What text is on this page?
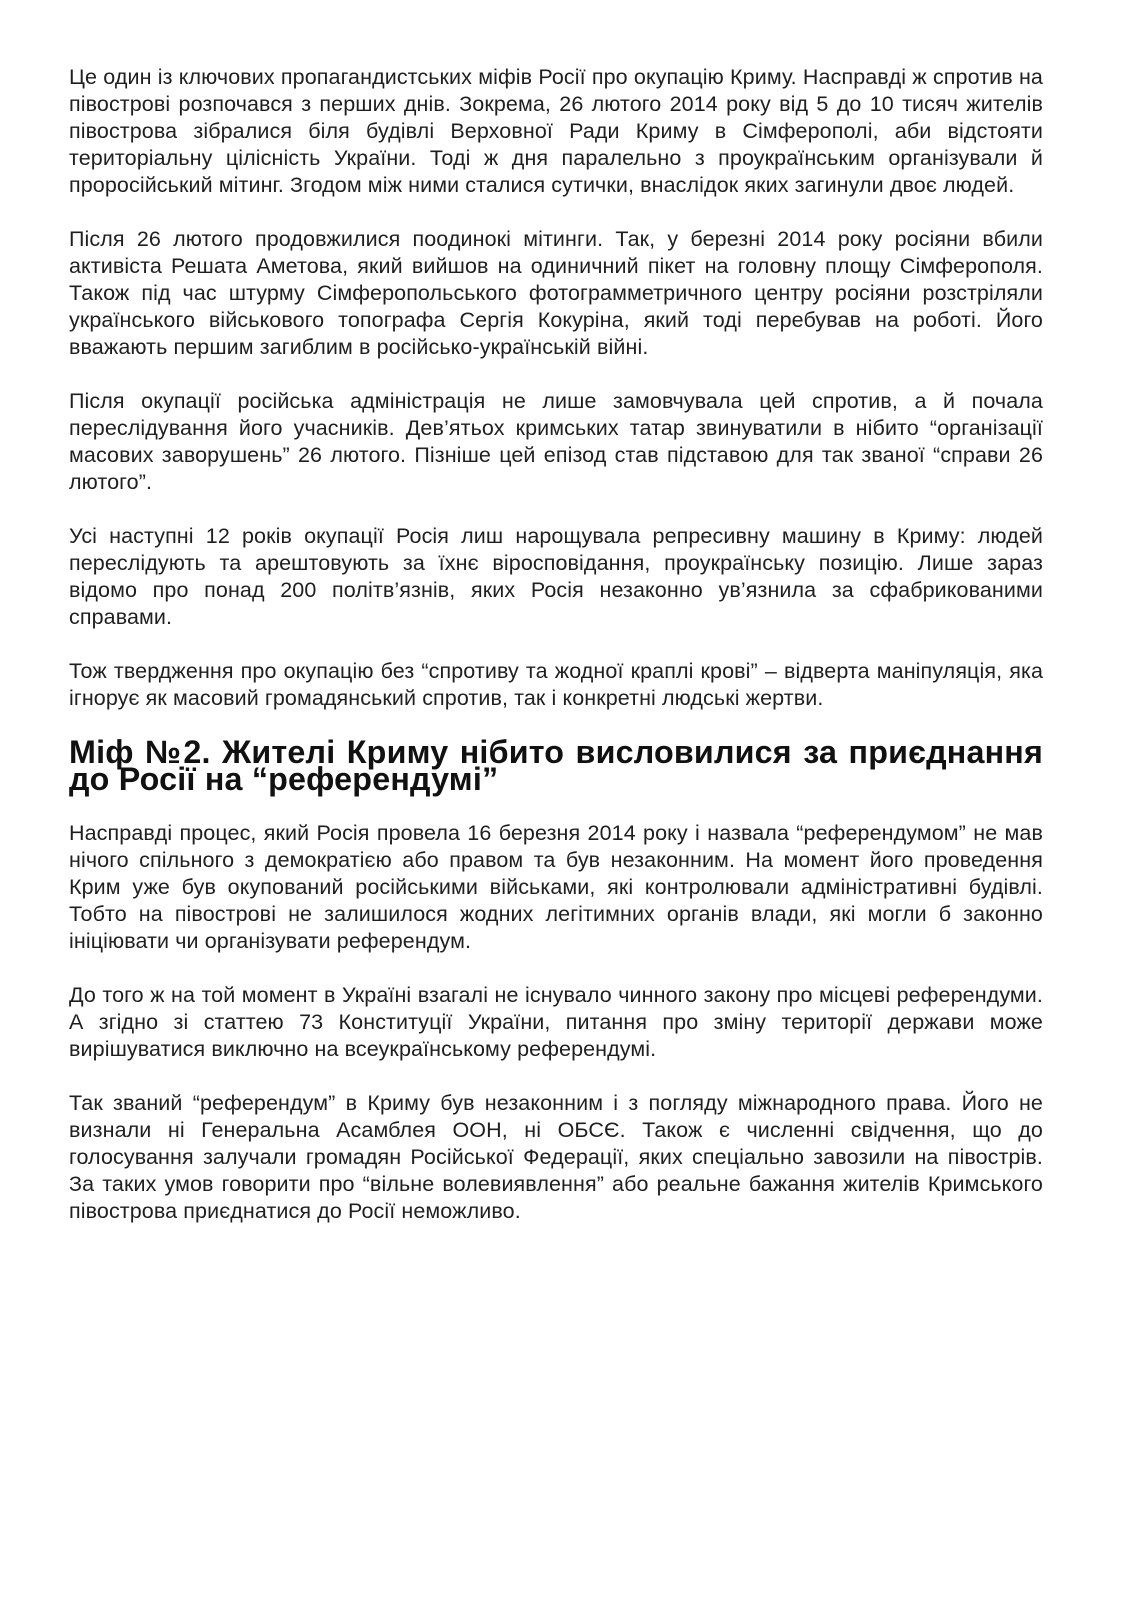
Це один із ключових пропагандистських міфів Росії про окупацію Криму. Насправді ж спротив на півострові розпочався з перших днів. Зокрема, 26 лютого 2014 року від 5 до 10 тисяч жителів півострова зібралися біля будівлі Верховної Ради Криму в Сімферополі, аби відстояти територіальну цілісність України. Тоді ж дня паралельно з проукраїнським організували й проросійський мітинг. Згодом між ними сталися сутички, внаслідок яких загинули двоє людей.

Після 26 лютого продовжилися поодинокі мітинги. Так, у березні 2014 року росіяни вбили активіста Решата Аметова, який вийшов на одиничний пікет на головну площу Сімферополя. Також під час штурму Сімферопольського фотограмметричного центру росіяни розстріляли українського військового топографа Сергія Кокуріна, який тоді перебував на роботі. Його вважають першим загиблим в російсько-українській війні.

Після окупації російська адміністрація не лише замовчувала цей спротив, а й почала переслідування його учасників. Дев’ятьох кримських татар звинуватили в нібито “організації масових заворушень” 26 лютого. Пізніше цей епізод став підставою для так званої “справи 26 лютого”.

Усі наступні 12 років окупації Росія лиш нарощувала репресивну машину в Криму: людей переслідують та арештовують за їхнє віросповідання, проукраїнську позицію. Лише зараз відомо про понад 200 політв’язнів, яких Росія незаконно ув’язнила за сфабрикованими справами.

Тож твердження про окупацію без “спротиву та жодної краплі крові” – відверта маніпуляція, яка ігнорує як масовий громадянський спротив, так і конкретні людські жертви.

Міф №2. Жителі Криму нібито висловилися за приєднання до Росії на “референдумі”

Насправді процес, який Росія провела 16 березня 2014 року і назвала “референдумом” не мав нічого спільного з демократією або правом та був незаконним. На момент його проведення Крим уже був окупований російськими військами, які контролювали адміністративні будівлі. Тобто на півострові не залишилося жодних легітимних органів влади, які могли б законно ініціювати чи організувати референдум.

До того ж на той момент в Україні взагалі не існувало чинного закону про місцеві референдуми. А згідно зі статтею 73 Конституції України, питання про зміну території держави може вирішуватися виключно на всеукраїнському референдумі.

Так званий “референдум” в Криму був незаконним і з погляду міжнародного права. Його не визнали ні Генеральна Асамблея ООН, ні ОБСЄ. Також є численні свідчення, що до голосування залучали громадян Російської Федерації, яких спеціально завозили на півострів. За таких умов говорити про “вільне волевиявлення” або реальне бажання жителів Кримського півострова приєднатися до Росії неможливо.
